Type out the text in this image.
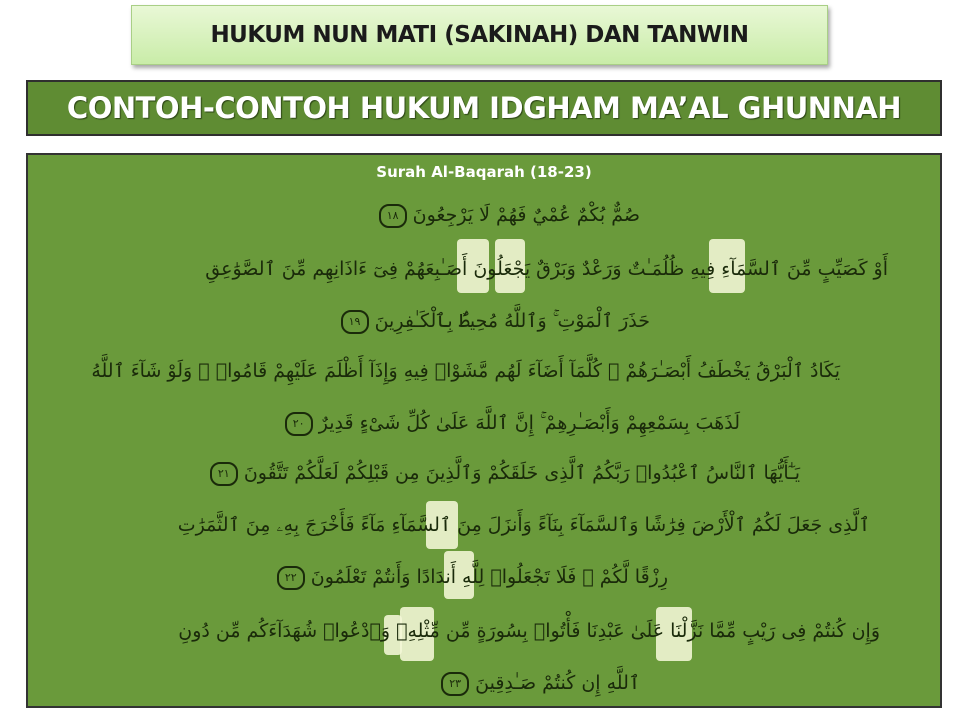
HUKUM NUN MATI (SAKINAH) DAN TANWIN
CONTOH-CONTOH HUKUM IDGHAM MA’AL GHUNNAH
Surah Al-Baqarah (18-23)
صُمٌّ بُكْمٌ عُمْيٌ فَهُمْ لَا يَرْجِعُونَ ١٨
أَوْ كَصَيِّبٍ مِّنَ ٱلسَّمَآءِ فِيهِ ظُلُمَـٰتٌ وَرَعْدٌ وَبَرْقٌ يَجْعَلُونَ أَصَـٰبِعَهُمْ فِىٓ ءَاذَانِهِم مِّنَ ٱلصَّوَٰعِقِ
حَذَرَ ٱلْمَوْتِ ۚ وَٱللَّهُ مُحِيطٌۢ بِٱلْكَـٰفِرِينَ ١٩
يَكَادُ ٱلْبَرْقُ يَخْطَفُ أَبْصَـٰرَهُمْ ۖ كُلَّمَآ أَضَآءَ لَهُم مَّشَوْا۟ فِيهِ وَإِذَآ أَظْلَمَ عَلَيْهِمْ قَامُوا۟ ۚ وَلَوْ شَآءَ ٱللَّهُ
لَذَهَبَ بِسَمْعِهِمْ وَأَبْصَـٰرِهِمْ ۚ إِنَّ ٱللَّهَ عَلَىٰ كُلِّ شَىْءٍ قَدِيرٌ ٢٠
يَـٰٓأَيُّهَا ٱلنَّاسُ ٱعْبُدُوا۟ رَبَّكُمُ ٱلَّذِى خَلَقَكُمْ وَٱلَّذِينَ مِن قَبْلِكُمْ لَعَلَّكُمْ تَتَّقُونَ ٢١
ٱلَّذِى جَعَلَ لَكُمُ ٱلْأَرْضَ فِرَٰشًا وَٱلسَّمَآءَ بِنَآءً وَأَنزَلَ مِنَ ٱلسَّمَآءِ مَآءً فَأَخْرَجَ بِهِۦ مِنَ ٱلثَّمَرَٰتِ
رِزْقًا لَّكُمْ ۖ فَلَا تَجْعَلُوا۟ لِلَّهِ أَندَادًا وَأَنتُمْ تَعْلَمُونَ ٢٢
وَإِن كُنتُمْ فِى رَيْبٍ مِّمَّا نَزَّلْنَا عَلَىٰ عَبْدِنَا فَأْتُوا۟ بِسُورَةٍ مِّن مِّثْلِهِۦ وَٱدْعُوا۟ شُهَدَآءَكُم مِّن دُونِ
ٱللَّهِ إِن كُنتُمْ صَـٰدِقِينَ ٢٣
